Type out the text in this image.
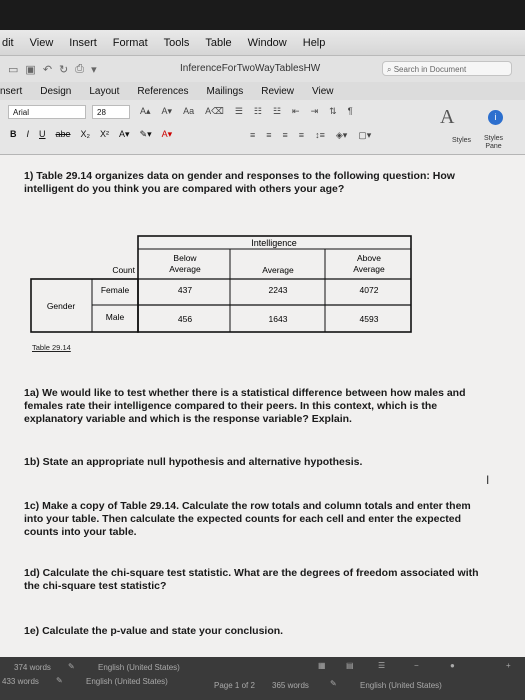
dit View Insert Format Tools Table Window Help
▭ ▣ ↶ ↻ ⎙ ▾	InferenceForTwoWayTablesHW	⌕ Search in Document
nsert Design Layout References Mailings Review View
Arial	28	A▴ A▾ Aa A⌫ ☰ ☷ ☳ ⇤ ⇥ ⇅ ¶
B I U abe X₂ X² A▾ ✎▾ A▾	≡ ≡ ≡ ≡ ↕≡ ◈▾ ▢▾
A	i
Styles Styles
Pane
1) Table 29.14 organizes data on gender and responses to the following question: How intelligent do you think you are compared with others your age?
Intelligence
Count
Below Average	Average
Above Average
Gender
Female
Male
437	2243	4072
456	1643	4593
Table 29.14
1a) We would like to test whether there is a statistical difference between how males and females rate their intelligence compared to their peers. In this context, which is the explanatory variable and which is the response variable? Explain.
1b) State an appropriate null hypothesis and alternative hypothesis.
1c) Make a copy of Table 29.14. Calculate the row totals and column totals and enter them into your table. Then calculate the expected counts for each cell and enter the expected counts into your table.
1d) Calculate the chi-square test statistic. What are the degrees of freedom associated with the chi-square test statistic?
1e) Calculate the p-value and state your conclusion.
I
374 words ✎	English (United States)
433 words ✎	English (United States)	Page 1 of 2 365 words	✎	English (United States)
▦	▤	☰	−	●	+
